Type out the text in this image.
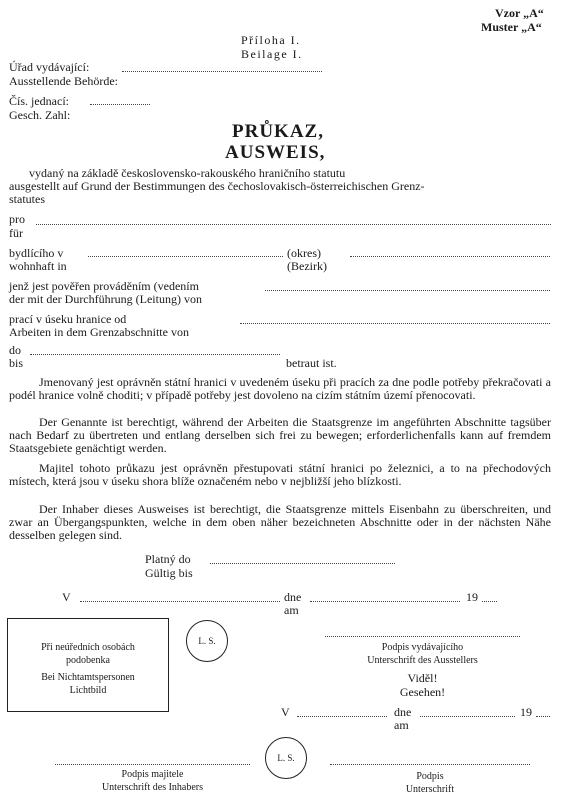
Vzor „A“
Muster „A“
Příloha I.
Beilage I.
Úřad vydávající:
Ausstellende Behörde:
Čís. jednací:
Gesch. Zahl:
PRŮKAZ,
AUSWEIS,
vydaný na základě československo-rakouského hraničního statutu
ausgestellt auf Grund der Bestimmungen des čechoslovakisch-österreichischen Grenz-
statutes
pro
für
bydlícího v
wohnhaft in
(okres)
(Bezirk)
jenž jest pověřen prováděním (vedením
der mit der Durchführung (Leitung) von
prací v úseku hranice od
Arbeiten in dem Grenzabschnitte von
do
bis	betraut ist.
Jmenovaný jest oprávněn státní hranici v uvedeném úseku při pracích za dne podle potřeby překračovati a podél hranice volně choditi; v případě potřeby jest dovoleno na cizím státním území přenocovati.
Der Genannte ist berechtigt, während der Arbeiten die Staatsgrenze im angeführten Abschnitte tagsüber nach Bedarf zu übertreten und entlang derselben sich frei zu bewegen; erforderlichenfalls kann auf fremdem Staatsgebiete genächtigt werden.
Majitel tohoto průkazu jest oprávněn přestupovati státní hranici po železnici, a to na přechodových místech, která jsou v úseku shora blíže označeném nebo v nejbližší jeho blízkosti.
Der Inhaber dieses Ausweises ist berechtigt, die Staatsgrenze mittels Eisenbahn zu überschreiten, und zwar an Übergangspunkten, welche in dem oben näher bezeichneten Abschnitte oder in der nächsten Nähe desselben gelegen sind.
Platný do
Gültig bis
V	dne
am
19
Při neúředních osobách
podobenka
Bei Nichtamtspersonen
Lichtbild
L. S.
Podpis vydávajícího
Unterschrift des Ausstellers
Viděl!
Gesehen!
V	dne
am
19
L. S.
Podpis majitele
Unterschrift des Inhabers
Podpis
Unterschrift
